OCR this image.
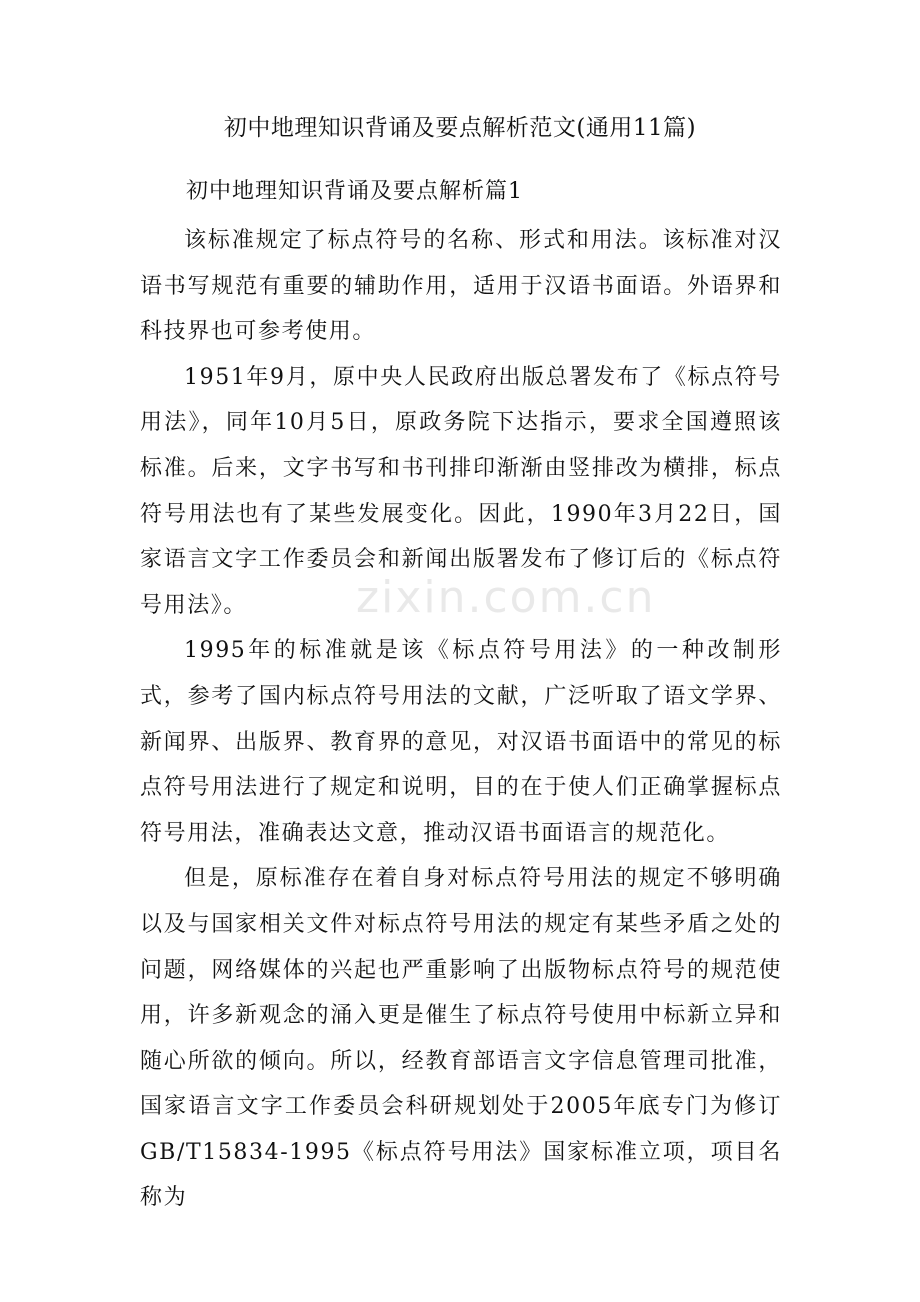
zixin.com.cn
初中地理知识背诵及要点解析范文(通用11篇)
初中地理知识背诵及要点解析篇1

该标准规定了标点符号的名称、形式和用法。该标准对汉语书写规范有重要的辅助作用，适用于汉语书面语。外语界和科技界也可参考使用。

1951年9月，原中央人民政府出版总署发布了《标点符号用法》，同年10月5日，原政务院下达指示，要求全国遵照该标准。后来，文字书写和书刊排印渐渐由竖排改为横排，标点符号用法也有了某些发展变化。因此，1990年3月22日，国家语言文字工作委员会和新闻出版署发布了修订后的《标点符号用法》。

1995年的标准就是该《标点符号用法》的一种改制形式，参考了国内标点符号用法的文献，广泛听取了语文学界、新闻界、出版界、教育界的意见，对汉语书面语中的常见的标点符号用法进行了规定和说明，目的在于使人们正确掌握标点符号用法，准确表达文意，推动汉语书面语言的规范化。

但是，原标准存在着自身对标点符号用法的规定不够明确以及与国家相关文件对标点符号用法的规定有某些矛盾之处的问题，网络媒体的兴起也严重影响了出版物标点符号的规范使用，许多新观念的涌入更是催生了标点符号使用中标新立异和随心所欲的倾向。所以，经教育部语言文字信息管理司批准，国家语言文字工作委员会科研规划处于2005年底专门为修订GB/T15834-1995《标点符号用法》国家标准立项，项目名称为
